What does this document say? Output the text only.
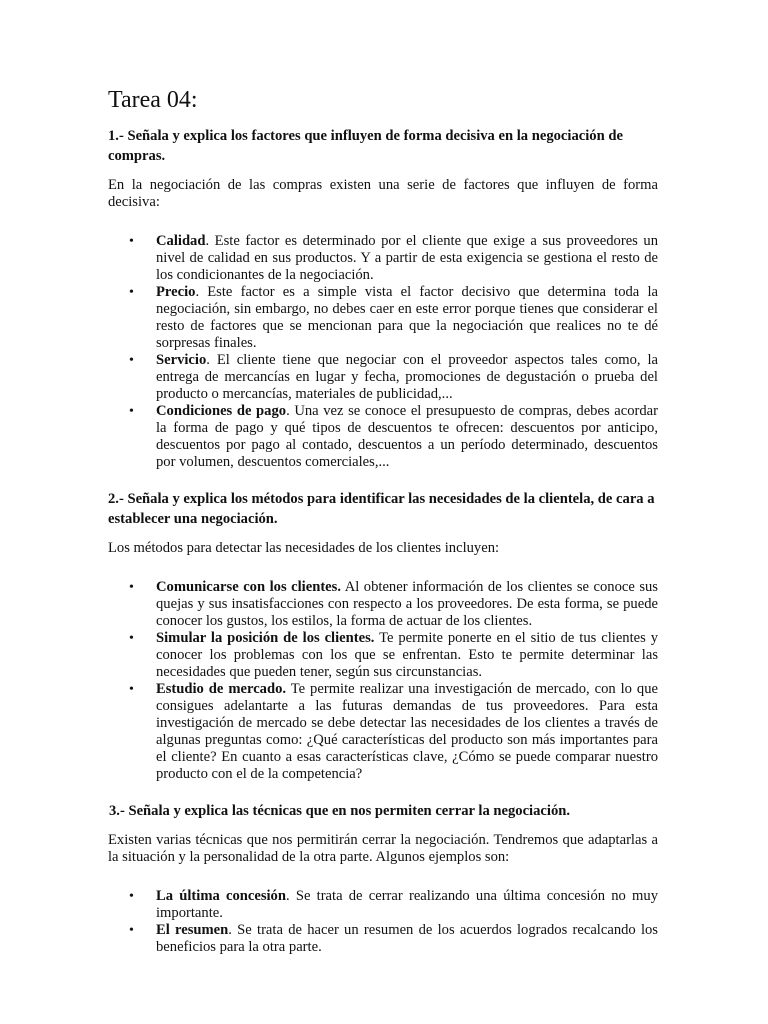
Tarea 04:

1.- Señala y explica los factores que influyen de forma decisiva en la negociación de compras.

En la negociación de las compras existen una serie de factores que influyen de forma decisiva:

• Calidad. Este factor es determinado por el cliente que exige a sus proveedores un nivel de calidad en sus productos. Y a partir de esta exigencia se gestiona el resto de los condicionantes de la negociación.
• Precio. Este factor es a simple vista el factor decisivo que determina toda la negociación, sin embargo, no debes caer en este error porque tienes que considerar el resto de factores que se mencionan para que la negociación que realices no te dé sorpresas finales.
• Servicio. El cliente tiene que negociar con el proveedor aspectos tales como, la entrega de mercancías en lugar y fecha, promociones de degustación o prueba del producto o mercancías, materiales de publicidad,...
• Condiciones de pago. Una vez se conoce el presupuesto de compras, debes acordar la forma de pago y qué tipos de descuentos te ofrecen: descuentos por anticipo, descuentos por pago al contado, descuentos a un período determinado, descuentos por volumen, descuentos comerciales,...

2.- Señala y explica los métodos para identificar las necesidades de la clientela, de cara a establecer una negociación.

Los métodos para detectar las necesidades de los clientes incluyen:

• Comunicarse con los clientes. Al obtener información de los clientes se conoce sus quejas y sus insatisfacciones con respecto a los proveedores. De esta forma, se puede conocer los gustos, los estilos, la forma de actuar de los clientes.
• Simular la posición de los clientes. Te permite ponerte en el sitio de tus clientes y conocer los problemas con los que se enfrentan. Esto te permite determinar las necesidades que pueden tener, según sus circunstancias.
• Estudio de mercado. Te permite realizar una investigación de mercado, con lo que consigues adelantarte a las futuras demandas de tus proveedores. Para esta investigación de mercado se debe detectar las necesidades de los clientes a través de algunas preguntas como: ¿Qué características del producto son más importantes para el cliente? En cuanto a esas características clave, ¿Cómo se puede comparar nuestro producto con el de la competencia?

3.- Señala y explica las técnicas que en nos permiten cerrar la negociación.

Existen varias técnicas que nos permitirán cerrar la negociación. Tendremos que adaptarlas a la situación y la personalidad de la otra parte. Algunos ejemplos son:

• La última concesión. Se trata de cerrar realizando una última concesión no muy importante.
• El resumen. Se trata de hacer un resumen de los acuerdos logrados recalcando los beneficios para la otra parte.
